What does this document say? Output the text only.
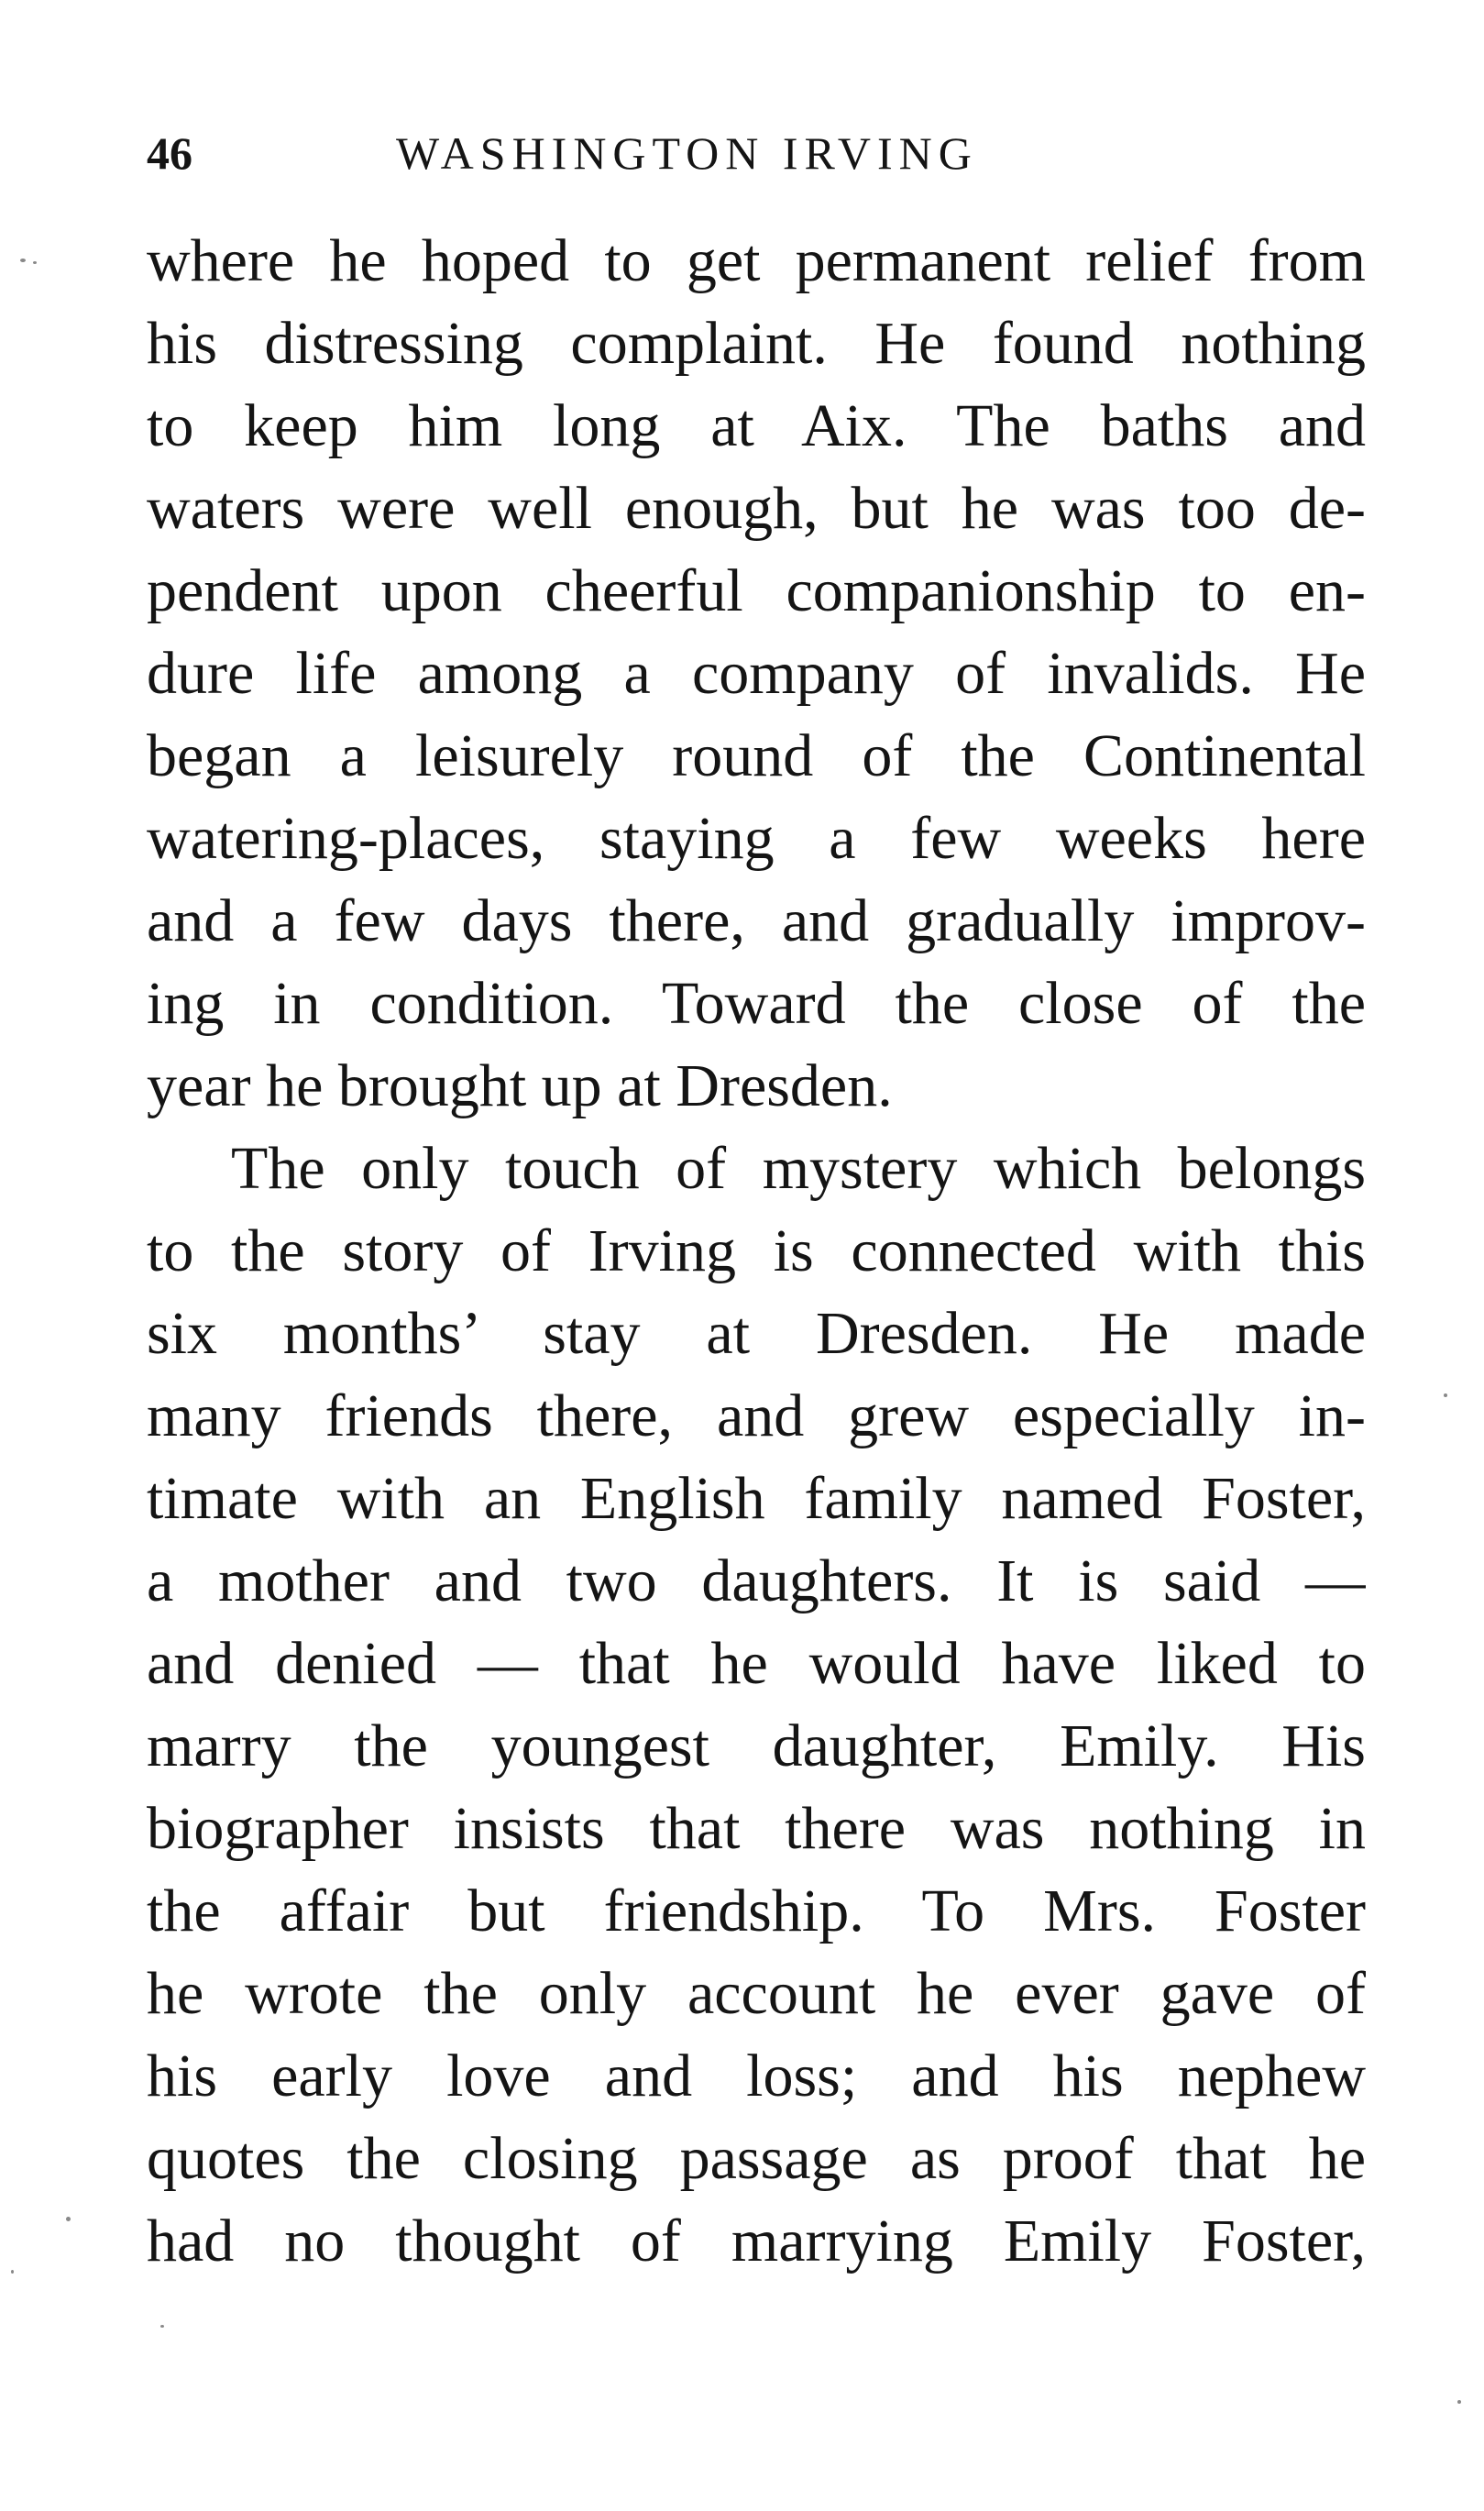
46	WASHINGTON IRVING
where he hoped to get permanent relief from
his distressing complaint. He found nothing
to keep him long at Aix. The baths and
waters were well enough, but he was too de-
pendent upon cheerful companionship to en-
dure life among a company of invalids. He
began a leisurely round of the Continental
watering-places, staying a few weeks here
and a few days there, and gradually improv-
ing in condition. Toward the close of the
year he brought up at Dresden.
The only touch of mystery which belongs
to the story of Irving is connected with this
six months’ stay at Dresden. He made
many friends there, and grew especially in-
timate with an English family named Foster,
a mother and two daughters. It is said —
and denied — that he would have liked to
marry the youngest daughter, Emily. His
biographer insists that there was nothing in
the affair but friendship. To Mrs. Foster
he wrote the only account he ever gave of
his early love and loss; and his nephew
quotes the closing passage as proof that he
had no thought of marrying Emily Foster,
